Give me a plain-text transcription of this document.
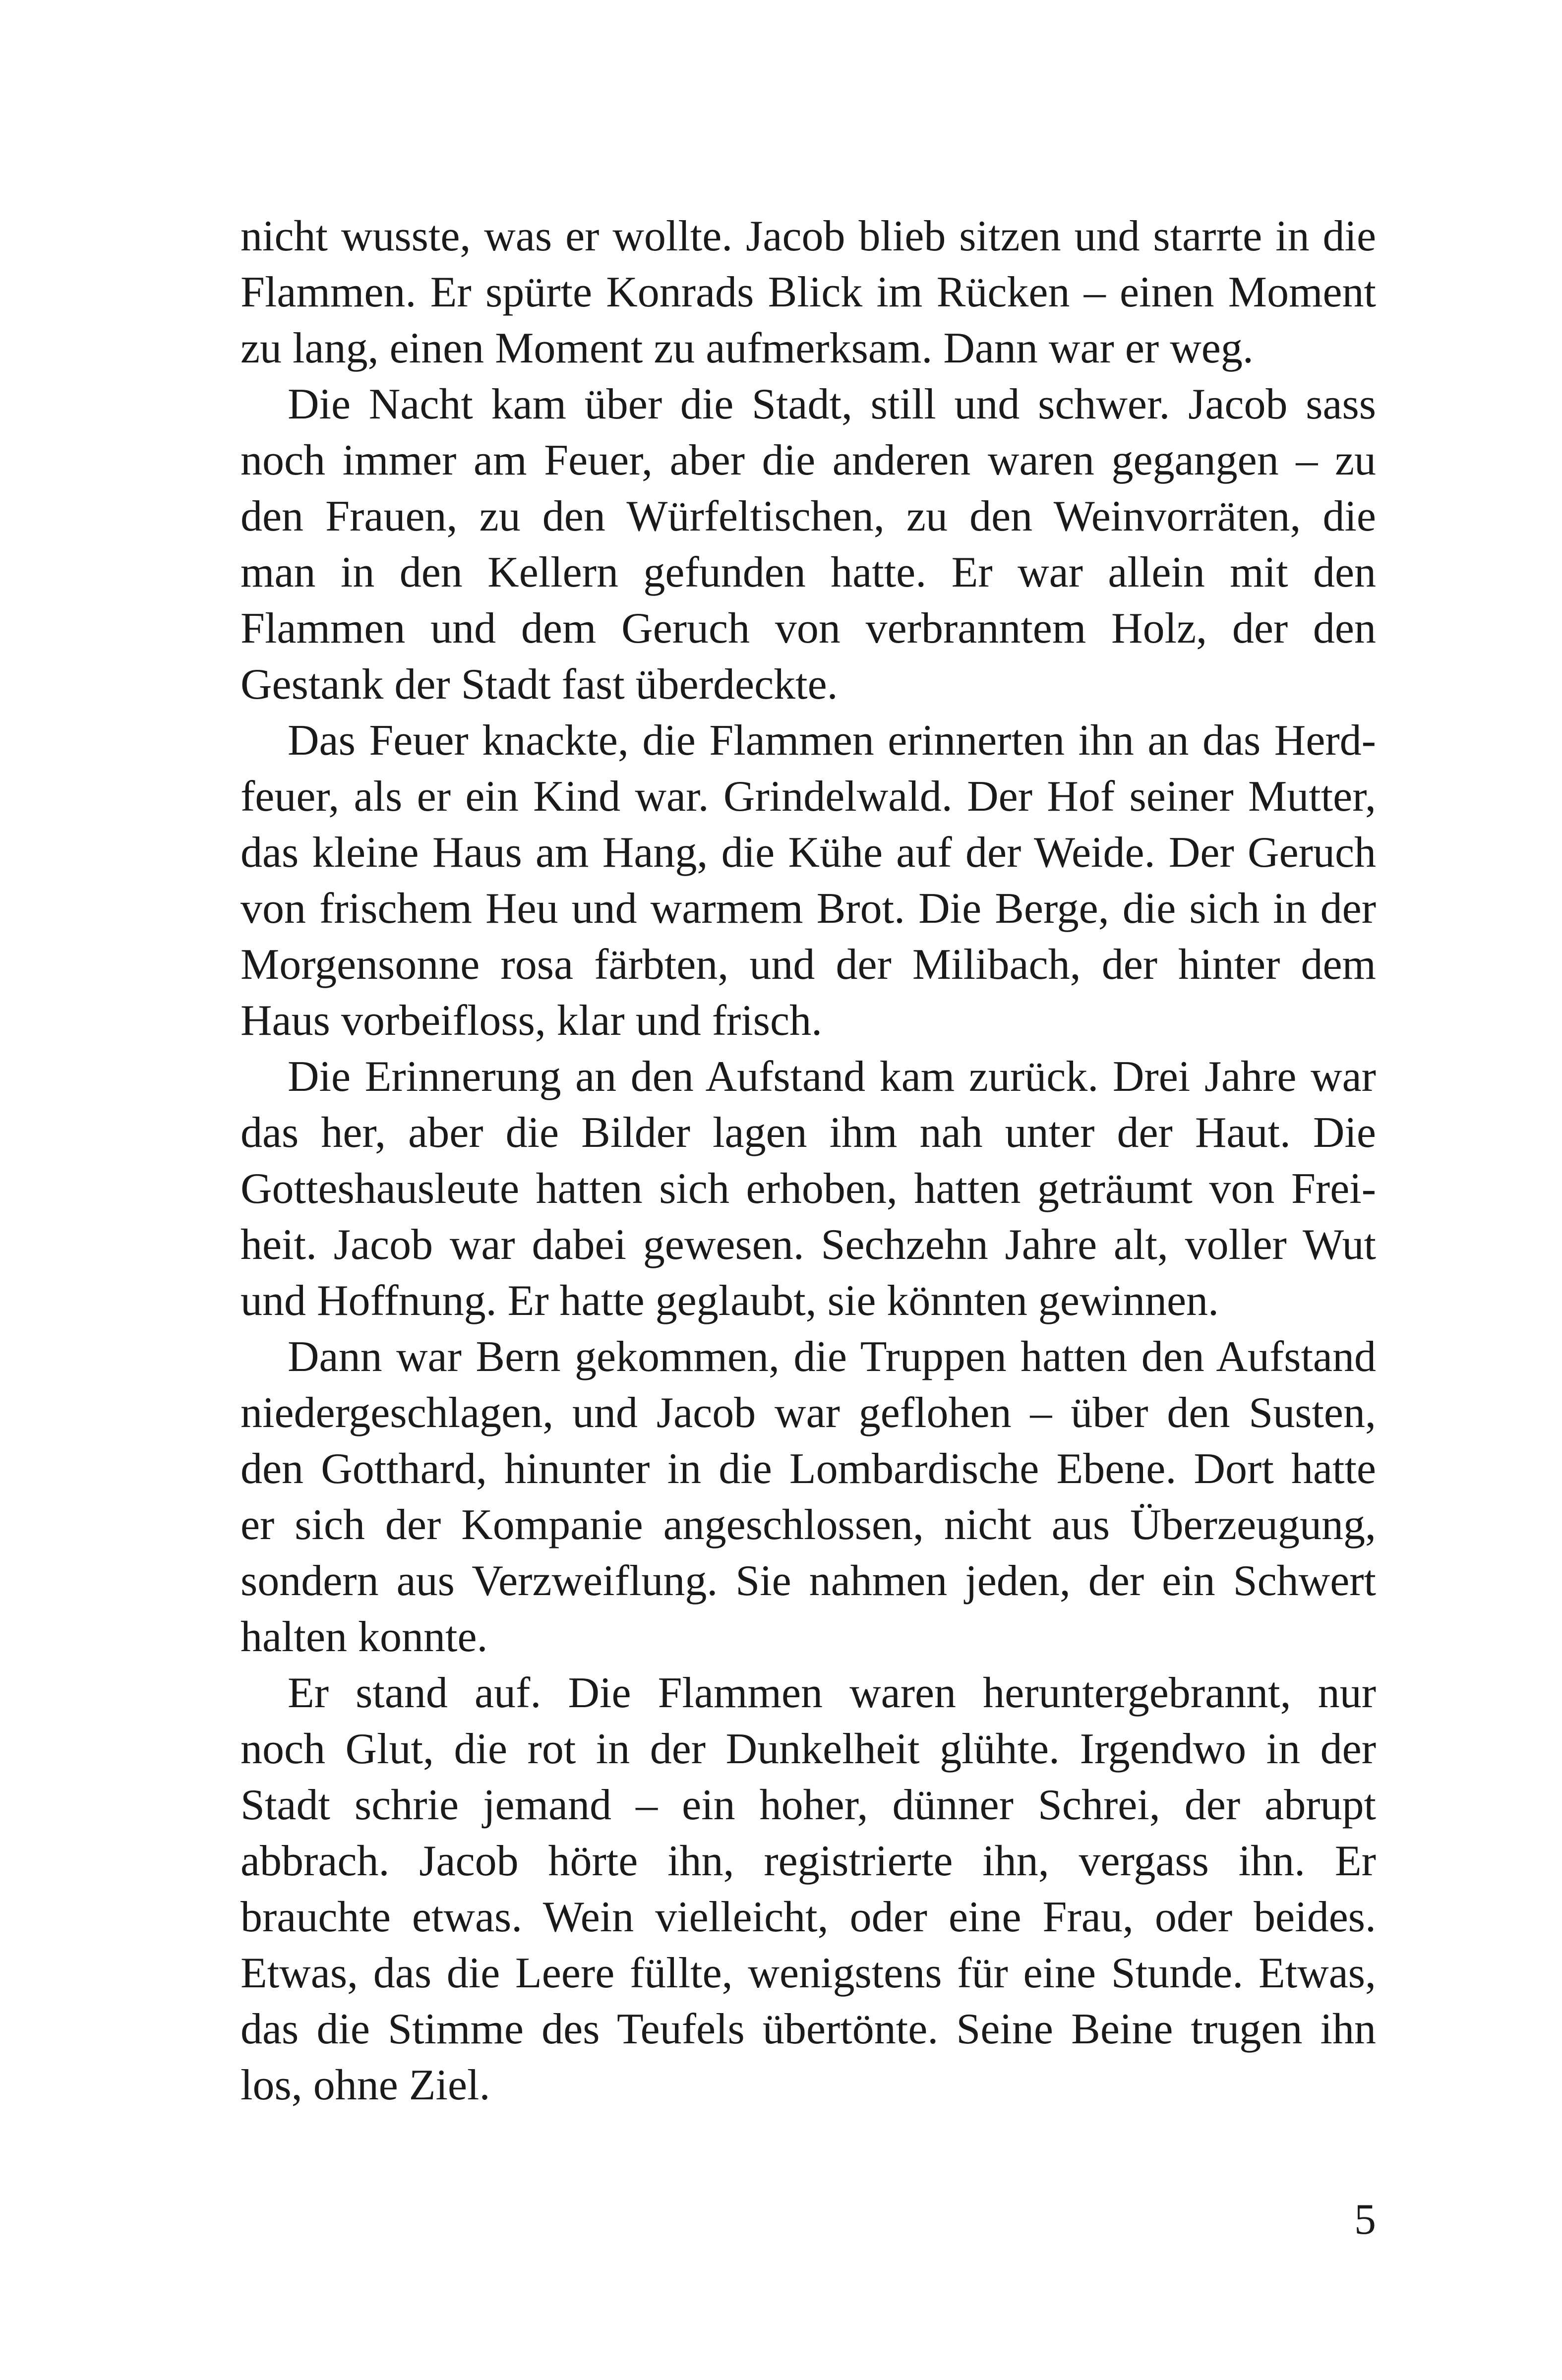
nicht wusste, was er wollte. Jacob blieb sitzen und starrte in die
Flammen. Er spürte Konrads Blick im Rücken – einen Moment
zu lang, einen Moment zu aufmerksam. Dann war er weg.
Die Nacht kam über die Stadt, still und schwer. Jacob sass
noch immer am Feuer, aber die anderen waren gegangen – zu
den Frauen, zu den Würfeltischen, zu den Weinvorräten, die
man in den Kellern gefunden hatte. Er war allein mit den
Flammen und dem Geruch von verbranntem Holz, der den
Gestank der Stadt fast überdeckte.
Das Feuer knackte, die Flammen erinnerten ihn an das Herd-
feuer, als er ein Kind war. Grindelwald. Der Hof seiner Mutter,
das kleine Haus am Hang, die Kühe auf der Weide. Der Geruch
von frischem Heu und warmem Brot. Die Berge, die sich in der
Morgensonne rosa färbten, und der Milibach, der hinter dem
Haus vorbeifloss, klar und frisch.
Die Erinnerung an den Aufstand kam zurück. Drei Jahre war
das her, aber die Bilder lagen ihm nah unter der Haut. Die
Gotteshausleute hatten sich erhoben, hatten geträumt von Frei-
heit. Jacob war dabei gewesen. Sechzehn Jahre alt, voller Wut
und Hoffnung. Er hatte geglaubt, sie könnten gewinnen.
Dann war Bern gekommen, die Truppen hatten den Aufstand
niedergeschlagen, und Jacob war geflohen – über den Susten,
den Gotthard, hinunter in die Lombardische Ebene. Dort hatte
er sich der Kompanie angeschlossen, nicht aus Überzeugung,
sondern aus Verzweiflung. Sie nahmen jeden, der ein Schwert
halten konnte.
Er stand auf. Die Flammen waren heruntergebrannt, nur
noch Glut, die rot in der Dunkelheit glühte. Irgendwo in der
Stadt schrie jemand – ein hoher, dünner Schrei, der abrupt
abbrach. Jacob hörte ihn, registrierte ihn, vergass ihn. Er
brauchte etwas. Wein vielleicht, oder eine Frau, oder beides.
Etwas, das die Leere füllte, wenigstens für eine Stunde. Etwas,
das die Stimme des Teufels übertönte. Seine Beine trugen ihn
los, ohne Ziel.
5
